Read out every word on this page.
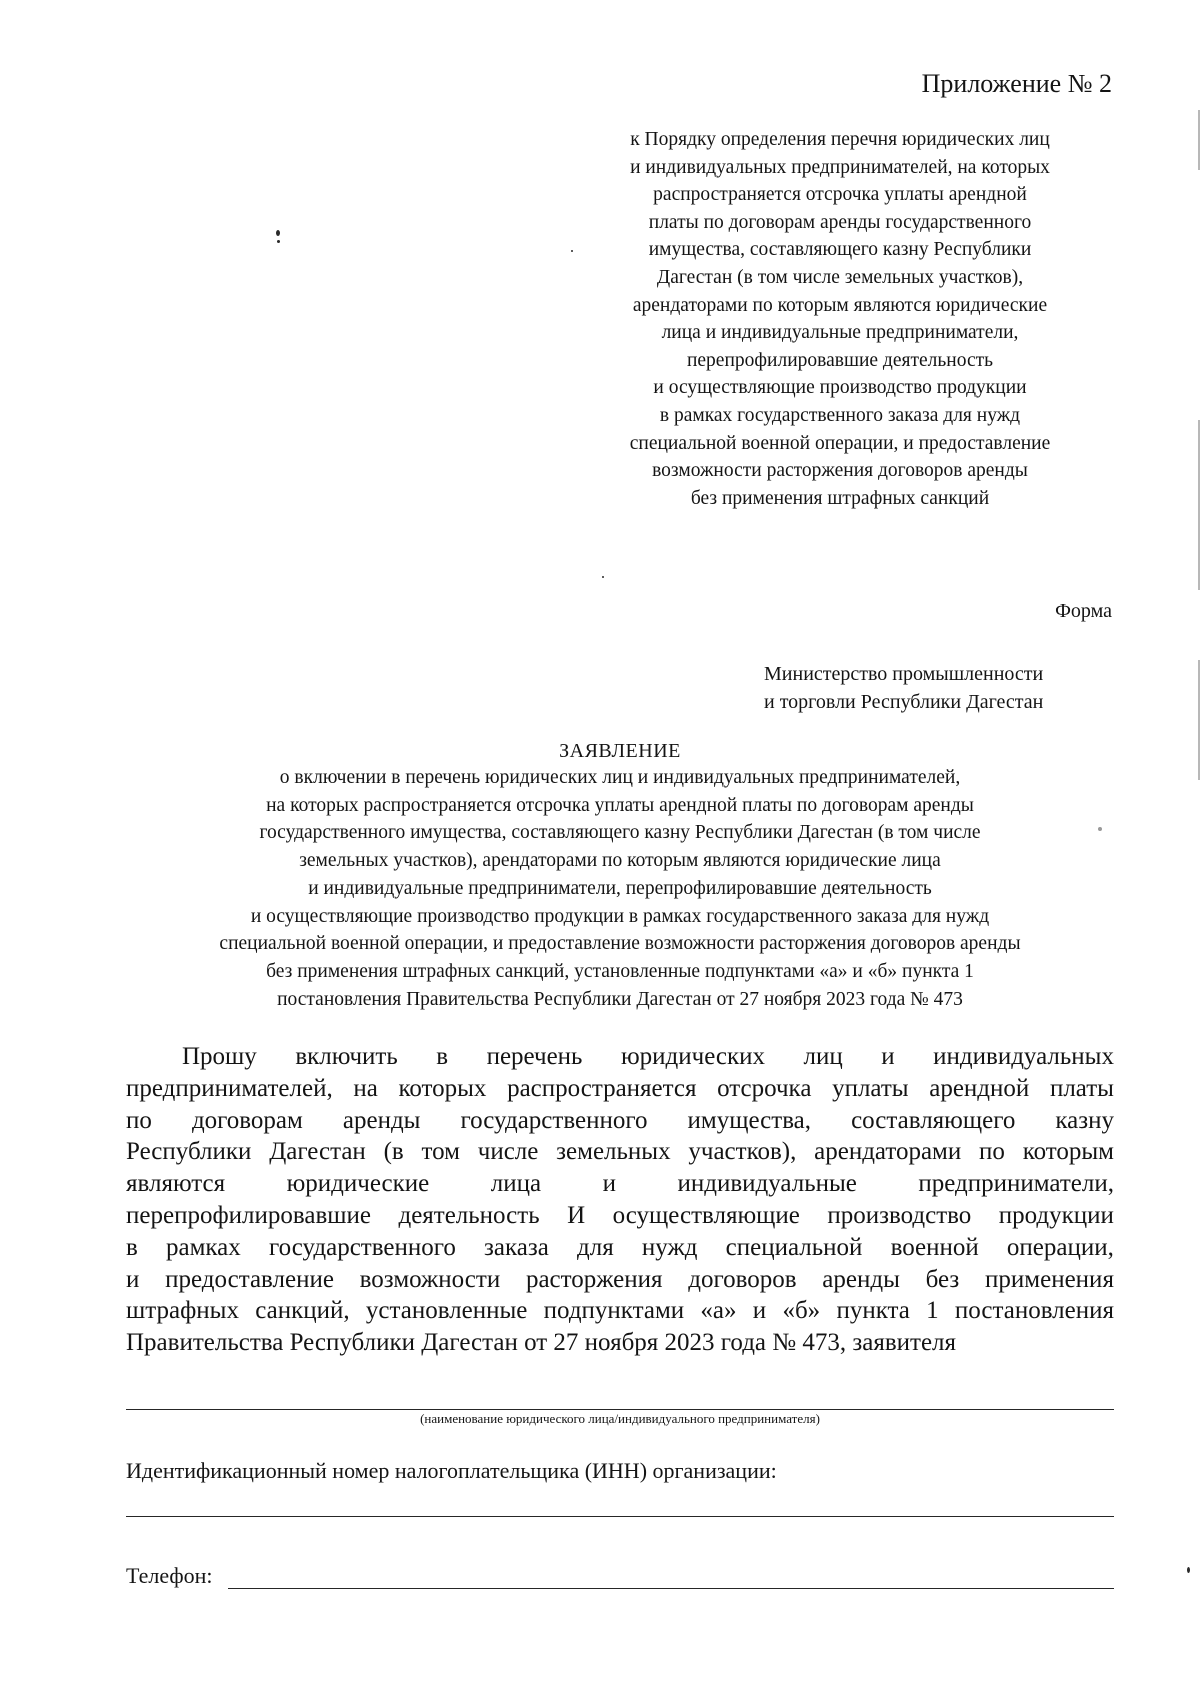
Приложение № 2
к Порядку определения перечня юридических лиц
и индивидуальных предпринимателей, на которых
распространяется отсрочка уплаты арендной
платы по договорам аренды государственного
имущества, составляющего казну Республики
Дагестан (в том числе земельных участков),
арендаторами по которым являются юридические
лица и индивидуальные предприниматели,
перепрофилировавшие деятельность
и осуществляющие производство продукции
в рамках государственного заказа для нужд
специальной военной операции, и предоставление
возможности расторжения договоров аренды
без применения штрафных санкций
Форма
Министерство промышленности
и торговли Республики Дагестан
ЗАЯВЛЕНИЕ
о включении в перечень юридических лиц и индивидуальных предпринимателей,
на которых распространяется отсрочка уплаты арендной платы по договорам аренды
государственного имущества, составляющего казну Республики Дагестан (в том числе
земельных участков), арендаторами по которым являются юридические лица
и индивидуальные предприниматели, перепрофилировавшие деятельность
и осуществляющие производство продукции в рамках государственного заказа для нужд
специальной военной операции, и предоставление возможности расторжения договоров аренды
без применения штрафных санкций, установленные подпунктами «а» и «б» пункта 1
постановления Правительства Республики Дагестан от 27 ноября 2023 года № 473
Прошу включить в перечень юридических лиц и индивидуальных
предпринимателей, на которых распространяется отсрочка уплаты арендной платы
по договорам аренды государственного имущества, составляющего казну
Республики Дагестан (в том числе земельных участков), арендаторами по которым
являются юридические лица и индивидуальные предприниматели,
перепрофилировавшие деятельность И осуществляющие производство продукции
в рамках государственного заказа для нужд специальной военной операции,
и предоставление возможности расторжения договоров аренды без применения
штрафных санкций, установленные подпунктами «а» и «б» пункта 1 постановления
Правительства Республики Дагестан от 27 ноября 2023 года № 473, заявителя
(наименование юридического лица/индивидуального предпринимателя)
Идентификационный номер налогоплательщика (ИНН) организации:
Телефон:
